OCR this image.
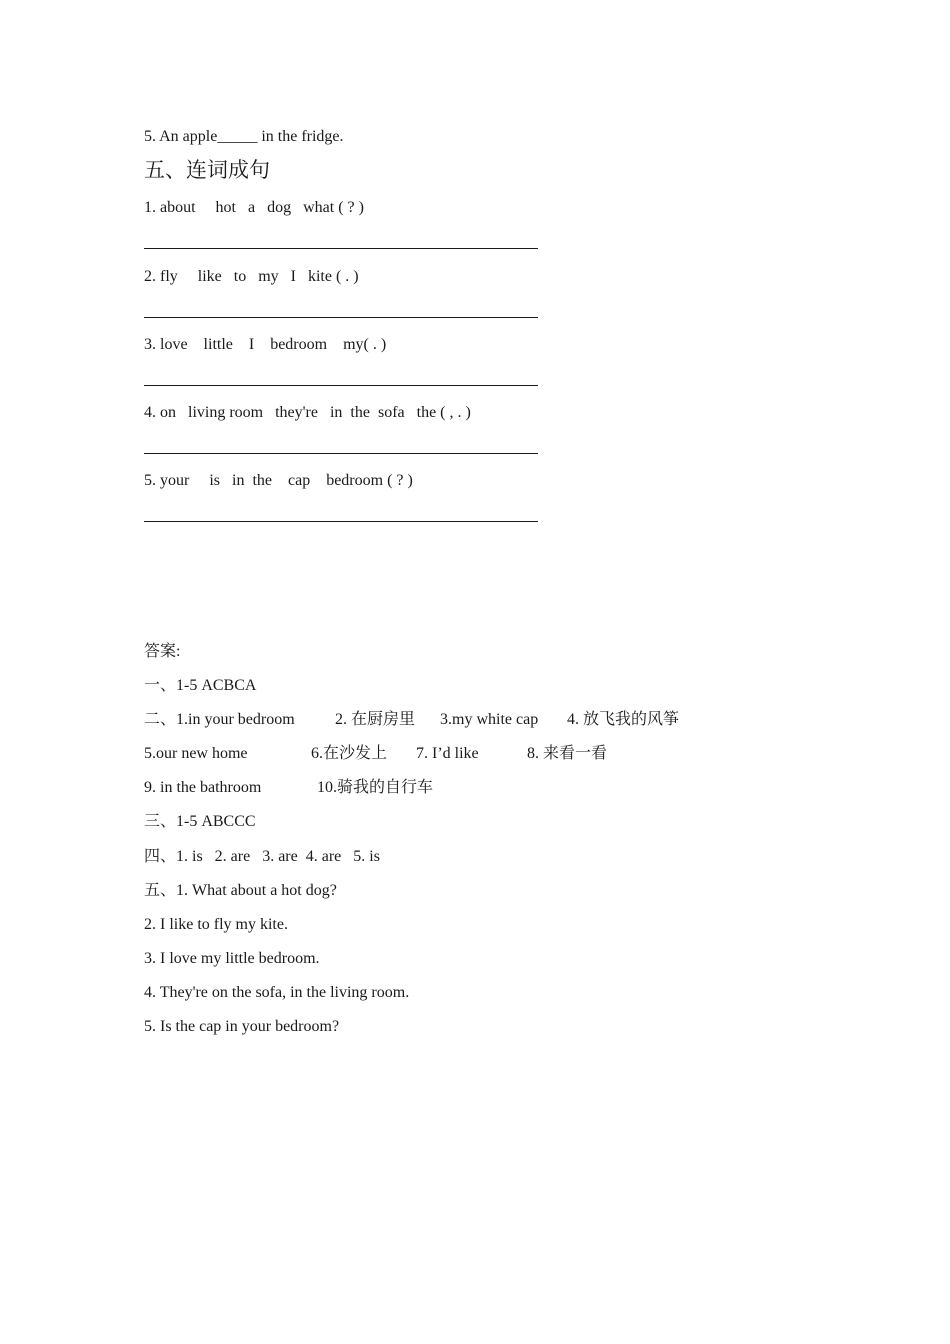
5. An apple_____ in the fridge.
五、连词成句
1. about     hot   a   dog   what ( ? )
2. fly     like   to   my   I   kite ( . )
3. love    little    I    bedroom    my( . )
4. on   living room   they're   in  the  sofa   the ( , . )
5. your     is   in  the    cap    bedroom ( ? )
答案:
一、1-5 ACBCA
二、1.in your bedroom	2. 在厨房里 3.my white cap 4. 放飞我的风筝
5.our new home	6.在沙发上 7. I’d like	8. 来看一看
9. in the bathroom	10.骑我的自行车
三、1-5 ABCCC
四、1. is   2. are   3. are  4. are   5. is
五、1. What about a hot dog?
2. I like to fly my kite.
3. I love my little bedroom.
4. They're on the sofa, in the living room.
5. Is the cap in your bedroom?
